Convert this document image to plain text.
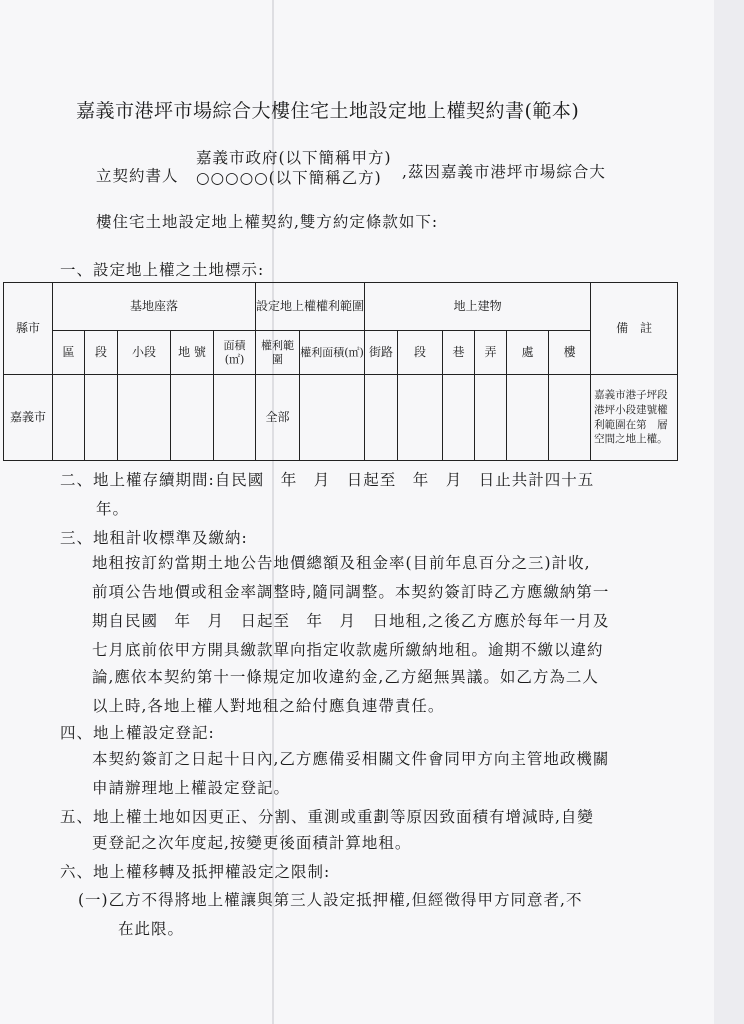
嘉義市港坪市場綜合大樓住宅土地設定地上權契約書(範本)
立契約書人
嘉義市政府(以下簡稱甲方)
○○○○○(以下簡稱乙方) ,茲因嘉義市港坪市場綜合大
樓住宅土地設定地上權契約,雙方約定條款如下:
一、設定地上權之土地標示:
縣市	基地座落					設定地上權權利範圍		地上建物						備　註
	區	段	小段	地 號	面積(㎡)	權利範圍	權利面積(㎡)	街路	段	巷	弄	處	樓	
嘉義市						全部								嘉義市港子坪段港坪小段建號權利範圍在第　層空間之地上權。
二、地上權存續期間:自民國　年　月　日起至　年　月　日止共計四十五
年。
三、地租計收標準及繳納:
地租按訂約當期土地公告地價總額及租金率(目前年息百分之三)計收,
前項公告地價或租金率調整時,隨同調整。本契約簽訂時乙方應繳納第一
期自民國　年　月　日起至　年　月　日地租,之後乙方應於每年一月及
七月底前依甲方開具繳款單向指定收款處所繳納地租。逾期不繳以違約
論,應依本契約第十一條規定加收違約金,乙方絕無異議。如乙方為二人
以上時,各地上權人對地租之給付應負連帶責任。
四、地上權設定登記:
本契約簽訂之日起十日內,乙方應備妥相關文件會同甲方向主管地政機關
申請辦理地上權設定登記。
五、地上權土地如因更正、分割、重測或重劃等原因致面積有增減時,自變
更登記之次年度起,按變更後面積計算地租。
六、地上權移轉及抵押權設定之限制:
(一)乙方不得將地上權讓與第三人設定抵押權,但經徵得甲方同意者,不
在此限。
